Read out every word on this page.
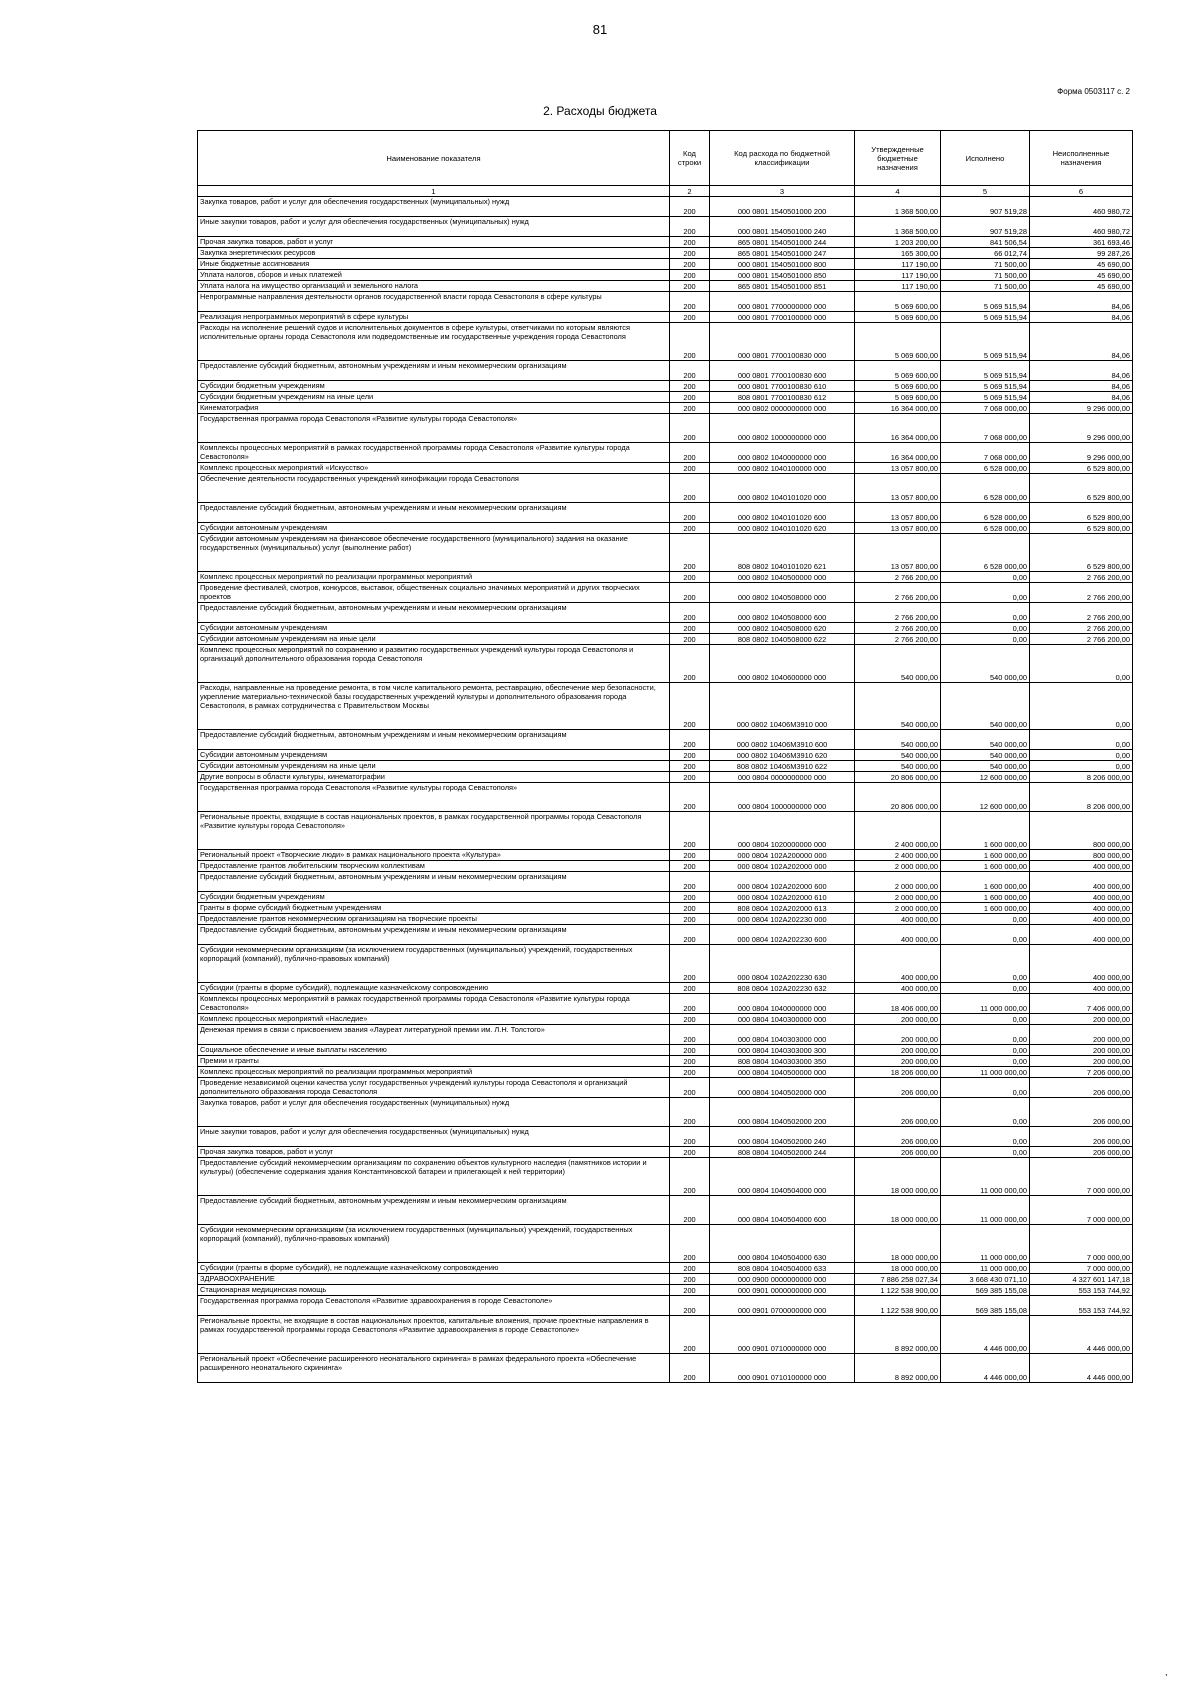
81
Форма 0503117 с. 2
2. Расходы бюджета
Наименование показателя	Код строки	Код расхода по бюджетной классификации	Утвержденные бюджетные назначения	Исполнено	Неисполненные назначения
1	2	3	4	5	6
Закупка товаров, работ и услуг для обеспечения государственных (муниципальных) нужд	200	000 0801 1540501000 200	1 368 500,00	907 519,28	460 980,72
Иные закупки товаров, работ и услуг для обеспечения государственных (муниципальных) нужд	200	000 0801 1540501000 240	1 368 500,00	907 519,28	460 980,72
Прочая закупка товаров, работ и услуг	200	865 0801 1540501000 244	1 203 200,00	841 506,54	361 693,46
Закупка энергетических ресурсов	200	865 0801 1540501000 247	165 300,00	66 012,74	99 287,26
Иные бюджетные ассигнования	200	000 0801 1540501000 800	117 190,00	71 500,00	45 690,00
Уплата налогов, сборов и иных платежей	200	000 0801 1540501000 850	117 190,00	71 500,00	45 690,00
Уплата налога на имущество организаций и земельного налога	200	865 0801 1540501000 851	117 190,00	71 500,00	45 690,00
Непрограммные направления деятельности органов государственной власти города Севастополя в сфере культуры	200	000 0801 7700000000 000	5 069 600,00	5 069 515,94	84,06
Реализация непрограммных мероприятий в сфере культуры	200	000 0801 7700100000 000	5 069 600,00	5 069 515,94	84,06
Расходы на исполнение решений судов и исполнительных документов в сфере культуры, ответчиками по которым являются исполнительные органы города Севастополя или подведомственные им государственные учреждения города Севастополя	200	000 0801 7700100830 000	5 069 600,00	5 069 515,94	84,06
Предоставление субсидий бюджетным, автономным учреждениям и иным некоммерческим организациям	200	000 0801 7700100830 600	5 069 600,00	5 069 515,94	84,06
Субсидии бюджетным учреждениям	200	000 0801 7700100830 610	5 069 600,00	5 069 515,94	84,06
Субсидии бюджетным учреждениям на иные цели	200	808 0801 7700100830 612	5 069 600,00	5 069 515,94	84,06
Кинематография	200	000 0802 0000000000 000	16 364 000,00	7 068 000,00	9 296 000,00
Государственная программа города Севастополя «Развитие культуры города Севастополя»	200	000 0802 1000000000 000	16 364 000,00	7 068 000,00	9 296 000,00
Комплексы процессных мероприятий в рамках государственной программы города Севастополя «Развитие культуры города Севастополя»	200	000 0802 1040000000 000	16 364 000,00	7 068 000,00	9 296 000,00
Комплекс процессных мероприятий «Искусство»	200	000 0802 1040100000 000	13 057 800,00	6 528 000,00	6 529 800,00
Обеспечение деятельности государственных учреждений кинофикации города Севастополя	200	000 0802 1040101020 000	13 057 800,00	6 528 000,00	6 529 800,00
Предоставление субсидий бюджетным, автономным учреждениям и иным некоммерческим организациям	200	000 0802 1040101020 600	13 057 800,00	6 528 000,00	6 529 800,00
Субсидии автономным учреждениям	200	000 0802 1040101020 620	13 057 800,00	6 528 000,00	6 529 800,00
Субсидии автономным учреждениям на финансовое обеспечение государственного (муниципального) задания на оказание государственных (муниципальных) услуг (выполнение работ)	200	808 0802 1040101020 621	13 057 800,00	6 528 000,00	6 529 800,00
Комплекс процессных мероприятий по реализации программных мероприятий	200	000 0802 1040500000 000	2 766 200,00	0,00	2 766 200,00
Проведение фестивалей, смотров, конкурсов, выставок, общественных социально значимых мероприятий и других творческих проектов	200	000 0802 1040508000 000	2 766 200,00	0,00	2 766 200,00
Предоставление субсидий бюджетным, автономным учреждениям и иным некоммерческим организациям	200	000 0802 1040508000 600	2 766 200,00	0,00	2 766 200,00
Субсидии автономным учреждениям	200	000 0802 1040508000 620	2 766 200,00	0,00	2 766 200,00
Субсидии автономным учреждениям на иные цели	200	808 0802 1040508000 622	2 766 200,00	0,00	2 766 200,00
Комплекс процессных мероприятий по сохранению и развитию государственных учреждений культуры города Севастополя и организаций дополнительного образования города Севастополя	200	000 0802 1040600000 000	540 000,00	540 000,00	0,00
Расходы, направленные на проведение ремонта, в том числе капитального ремонта, реставрацию, обеспечение мер безопасности, укрепление материально-технической базы государственных учреждений культуры и дополнительного образования города Севастополя, в рамках сотрудничества с Правительством Москвы	200	000 0802 10406М3910 000	540 000,00	540 000,00	0,00
Предоставление субсидий бюджетным, автономным учреждениям и иным некоммерческим организациям	200	000 0802 10406М3910 600	540 000,00	540 000,00	0,00
Субсидии автономным учреждениям	200	000 0802 10406М3910 620	540 000,00	540 000,00	0,00
Субсидии автономным учреждениям на иные цели	200	808 0802 10406М3910 622	540 000,00	540 000,00	0,00
Другие вопросы в области культуры, кинематографии	200	000 0804 0000000000 000	20 806 000,00	12 600 000,00	8 206 000,00
Государственная программа города Севастополя «Развитие культуры города Севастополя»	200	000 0804 1000000000 000	20 806 000,00	12 600 000,00	8 206 000,00
Региональные проекты, входящие в состав национальных проектов, в рамках государственной программы города Севастополя «Развитие культуры города Севастополя»	200	000 0804 1020000000 000	2 400 000,00	1 600 000,00	800 000,00
Региональный проект «Творческие люди» в рамках национального проекта «Культура»	200	000 0804 102А200000 000	2 400 000,00	1 600 000,00	800 000,00
Предоставление грантов любительским творческим коллективам	200	000 0804 102А202000 000	2 000 000,00	1 600 000,00	400 000,00
Предоставление субсидий бюджетным, автономным учреждениям и иным некоммерческим организациям	200	000 0804 102А202000 600	2 000 000,00	1 600 000,00	400 000,00
Субсидии бюджетным учреждениям	200	000 0804 102А202000 610	2 000 000,00	1 600 000,00	400 000,00
Гранты в форме субсидий бюджетным учреждениям	200	808 0804 102А202000 613	2 000 000,00	1 600 000,00	400 000,00
Предоставление грантов некоммерческим организациям на творческие проекты	200	000 0804 102А202230 000	400 000,00	0,00	400 000,00
Предоставление субсидий бюджетным, автономным учреждениям и иным некоммерческим организациям	200	000 0804 102А202230 600	400 000,00	0,00	400 000,00
Субсидии некоммерческим организациям (за исключением государственных (муниципальных) учреждений, государственных корпораций (компаний), публично-правовых компаний)	200	000 0804 102А202230 630	400 000,00	0,00	400 000,00
Субсидии (гранты в форме субсидий), подлежащие казначейскому сопровождению	200	808 0804 102А202230 632	400 000,00	0,00	400 000,00
Комплексы процессных мероприятий в рамках государственной программы города Севастополя «Развитие культуры города Севастополя»	200	000 0804 1040000000 000	18 406 000,00	11 000 000,00	7 406 000,00
Комплекс процессных мероприятий «Наследие»	200	000 0804 1040300000 000	200 000,00	0,00	200 000,00
Денежная премия в связи с присвоением звания «Лауреат литературной премии им. Л.Н. Толстого»	200	000 0804 1040303000 000	200 000,00	0,00	200 000,00
Социальное обеспечение и иные выплаты населению	200	000 0804 1040303000 300	200 000,00	0,00	200 000,00
Премии и гранты	200	808 0804 1040303000 350	200 000,00	0,00	200 000,00
Комплекс процессных мероприятий по реализации программных мероприятий	200	000 0804 1040500000 000	18 206 000,00	11 000 000,00	7 206 000,00
Проведение независимой оценки качества услуг государственных учреждений культуры города Севастополя и организаций дополнительного образования города Севастополя	200	000 0804 1040502000 000	206 000,00	0,00	206 000,00
Закупка товаров, работ и услуг для обеспечения государственных (муниципальных) нужд	200	000 0804 1040502000 200	206 000,00	0,00	206 000,00
Иные закупки товаров, работ и услуг для обеспечения государственных (муниципальных) нужд	200	000 0804 1040502000 240	206 000,00	0,00	206 000,00
Прочая закупка товаров, работ и услуг	200	808 0804 1040502000 244	206 000,00	0,00	206 000,00
Предоставление субсидий некоммерческим организациям по сохранению объектов культурного наследия (памятников истории и культуры) (обеспечение содержания здания Константиновской батареи и прилегающей к ней территории)	200	000 0804 1040504000 000	18 000 000,00	11 000 000,00	7 000 000,00
Предоставление субсидий бюджетным, автономным учреждениям и иным некоммерческим организациям	200	000 0804 1040504000 600	18 000 000,00	11 000 000,00	7 000 000,00
Субсидии некоммерческим организациям (за исключением государственных (муниципальных) учреждений, государственных корпораций (компаний), публично-правовых компаний)	200	000 0804 1040504000 630	18 000 000,00	11 000 000,00	7 000 000,00
Субсидии (гранты в форме субсидий), не подлежащие казначейскому сопровождению	200	808 0804 1040504000 633	18 000 000,00	11 000 000,00	7 000 000,00
ЗДРАВООХРАНЕНИЕ	200	000 0900 0000000000 000	7 886 258 027,34	3 668 430 071,10	4 327 601 147,18
Стационарная медицинская помощь	200	000 0901 0000000000 000	1 122 538 900,00	569 385 155,08	553 153 744,92
Государственная программа города Севастополя «Развитие здравоохранения в городе Севастополе»	200	000 0901 0700000000 000	1 122 538 900,00	569 385 155,08	553 153 744,92
Региональные проекты, не входящие в состав национальных проектов, капитальные вложения, прочие проектные направления в рамках государственной программы города Севастополя «Развитие здравоохранения в городе Севастополе»	200	000 0901 0710000000 000	8 892 000,00	4 446 000,00	4 446 000,00
Региональный проект «Обеспечение расширенного неонатального скрининга» в рамках федерального проекта «Обеспечение расширенного неонатального скрининга»	200	000 0901 0710100000 000	8 892 000,00	4 446 000,00	4 446 000,00
,
